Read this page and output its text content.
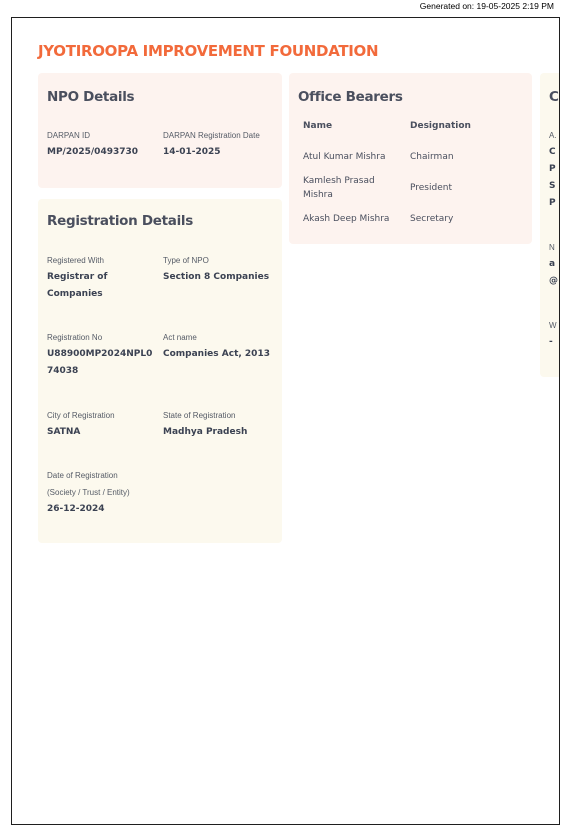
Generated on: 19-05-2025 2:19 PM
JYOTIROOPA IMPROVEMENT FOUNDATION
NPO Details
DARPAN ID
MP/2025/0493730
DARPAN Registration Date
14-01-2025
Registration Details
Registered With
Registrar of Companies
Type of NPO
Section 8 Companies
Registration No
U88900MP2024NPL074038
Act name
Companies Act, 2013
City of Registration
SATNA
State of Registration
Madhya Pradesh
Date of Registration
(Society / Trust / Entity)
26-12-2024
Office Bearers
Name	Designation
Atul Kumar Mishra	Chairman
Kamlesh Prasad Mishra	President
Akash Deep Mishra	Secretary
C
A.
C
P
S
P
N
a
@
W
-
